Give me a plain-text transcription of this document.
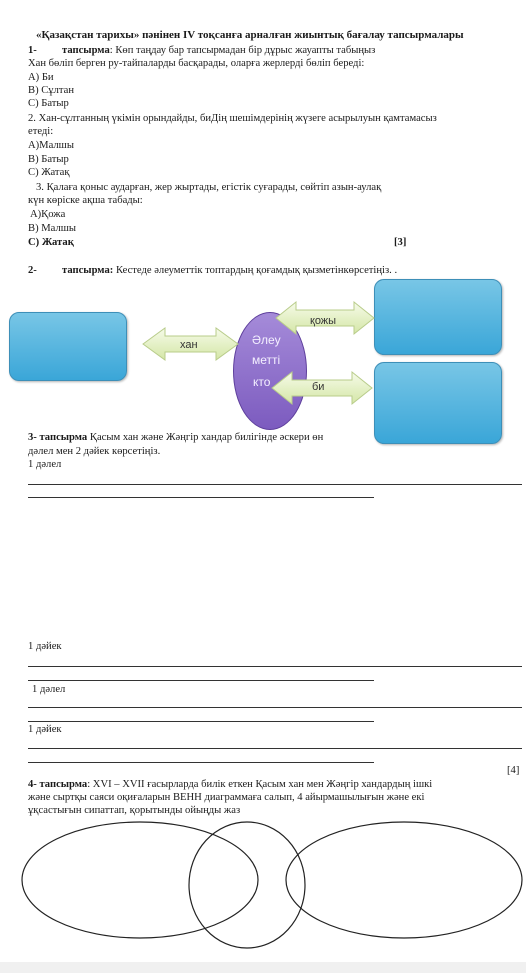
«Қазақстан тарихы» пәнінен IV тоқсанға арналған жиынтық бағалау тапсырмалары
1- тапсырма: Көп таңдау бар тапсырмадан бір дұрыс жауапты табыңыз
Хан бөліп берген ру-тайпаларды басқарады, оларға жерлерді бөліп береді:
A) Би
B) Сұлтан
C) Батыр
2. Хан-сұлтанның үкімін орындайды, биДің шешімдерінің жүзеге асырылуын қамтамасыз
етеді:
A)Малшы
B) Батыр
C) Жатақ
3. Қалаға қоныс аударған, жер жыртады, егістік суғарады, сөйтіп азын-аулақ
күн көріске ақша табады:
A)Қожа
B) Малшы
C) Жатақ	[3]
2- тапсырма: Кестеде әлеуметтік топтардың қоғамдық қызметінкөрсетіңіз. .
Әлеу
метті
кто
хан
қожы
би
3- тапсырма Қасым хан және Жәңгір хандар билігінде әскери өн
дәлел мен 2 дәйек көрсетіңіз.
1 дәлел
1 дәйек
1 дәлел
1 дәйек
[4]
4- тапсырма: XVI – XVII ғасырларда билік еткен Қасым хан мен Жәңгір хандардың ішкі
және сыртқы саяси оқиғаларын ВЕНН диаграммаға салып, 4 айырмашылығын және екі
ұқсастығын сипаттап, қорытынды ойыңды жаз
